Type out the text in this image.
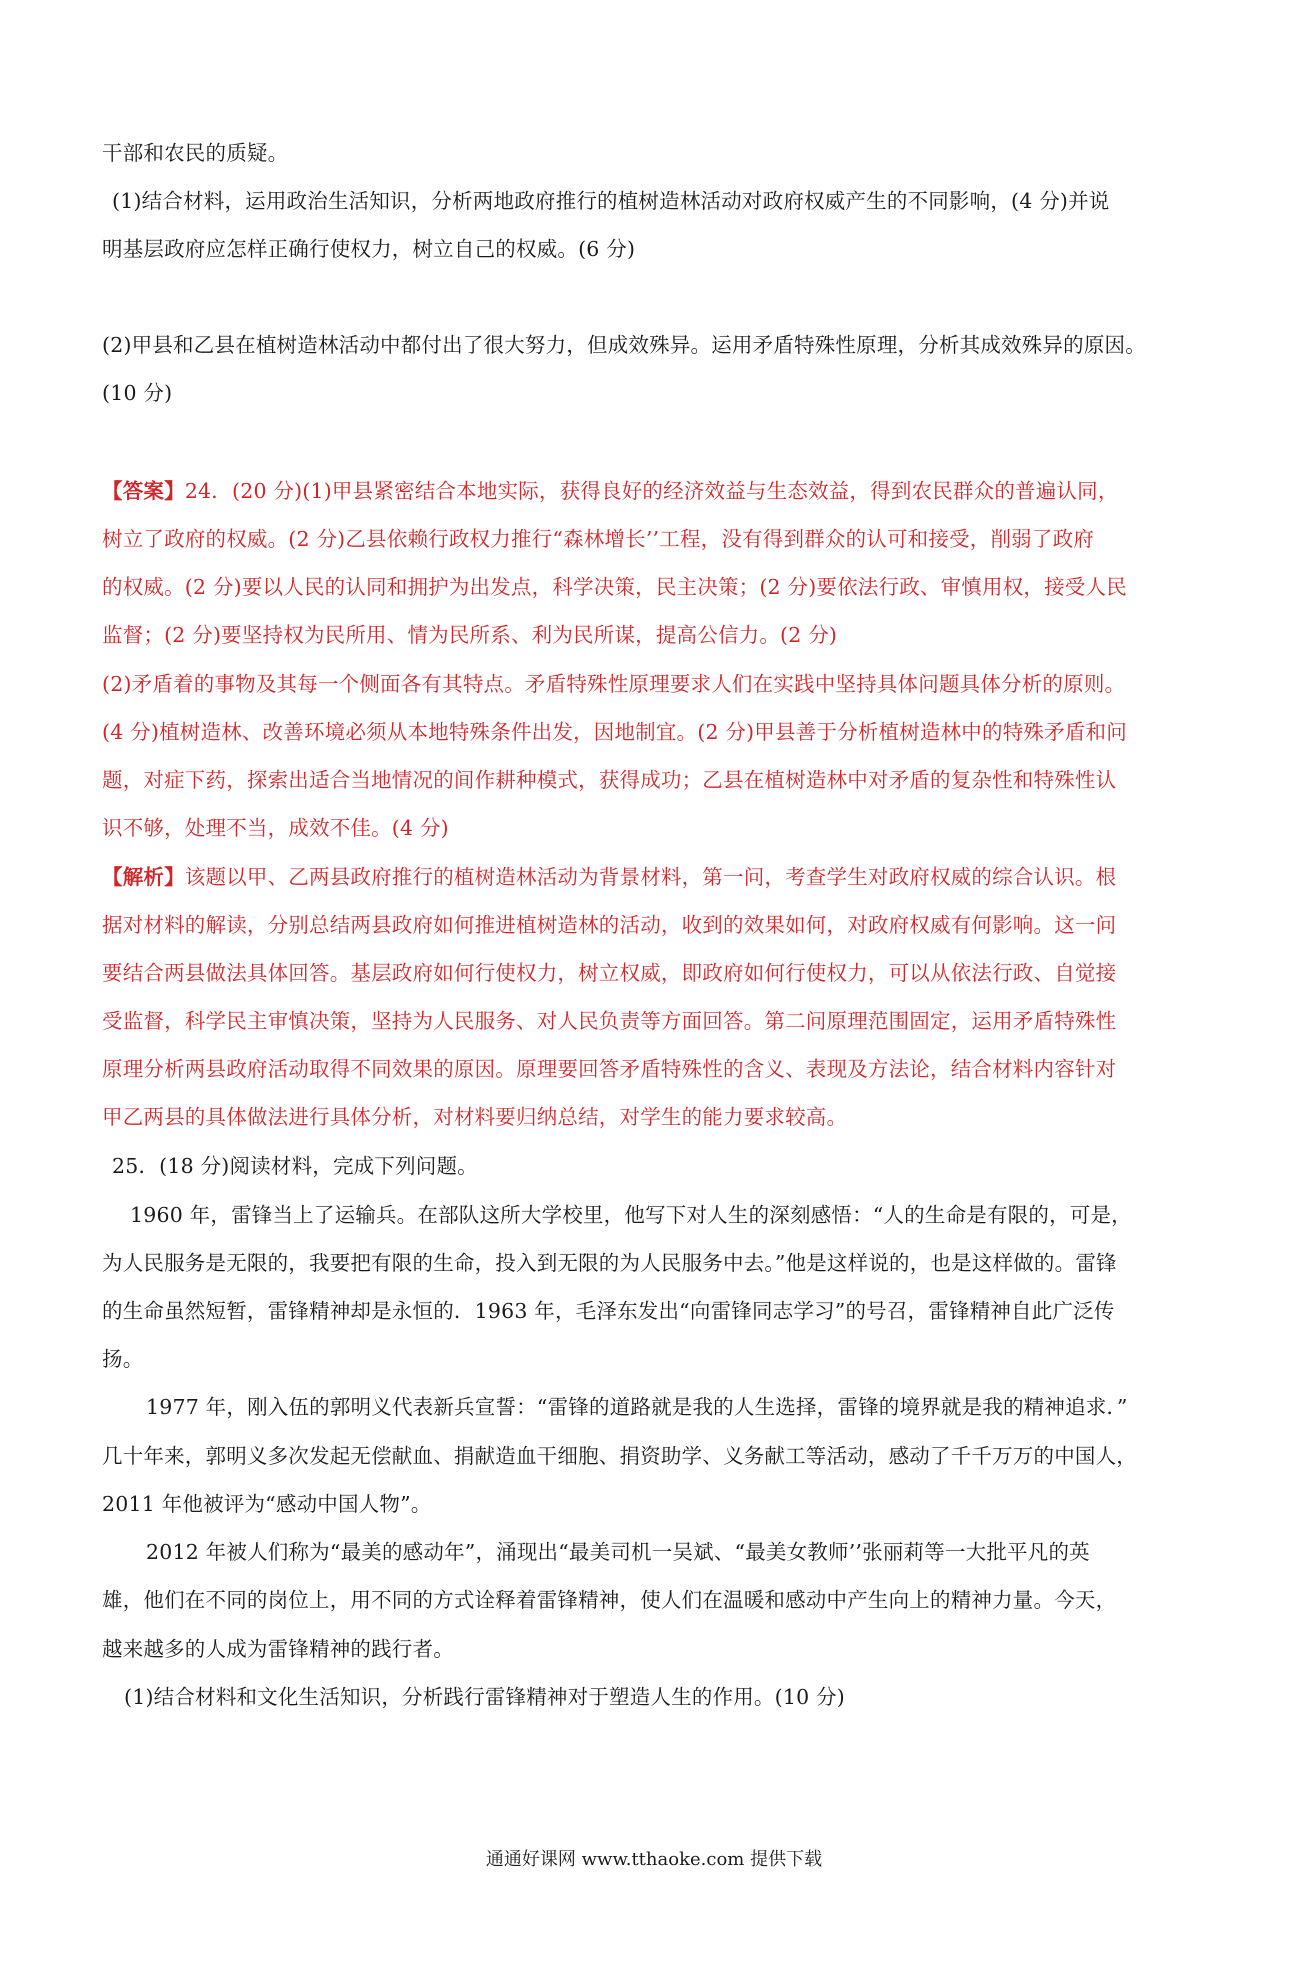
干部和农民的质疑。
(1)结合材料，运用政治生活知识，分析两地政府推行的植树造林活动对政府权威产生的不同影响，(4 分)并说
明基层政府应怎样正确行使权力，树立自己的权威。(6 分)
(2)甲县和乙县在植树造林活动中都付出了很大努力，但成效殊异。运用矛盾特殊性原理，分析其成效殊异的原因。
(10 分)
【答案】24．(20 分)(1)甲县紧密结合本地实际，获得良好的经济效益与生态效益，得到农民群众的普遍认同，
树立了政府的权威。(2 分)乙县依赖行政权力推行“森林增长’’工程，没有得到群众的认可和接受，削弱了政府
的权威。(2 分)要以人民的认同和拥护为出发点，科学决策，民主决策；(2 分)要依法行政、审慎用权，接受人民
监督；(2 分)要坚持权为民所用、情为民所系、利为民所谋，提高公信力。(2 分)
(2)矛盾着的事物及其每一个侧面各有其特点。矛盾特殊性原理要求人们在实践中坚持具体问题具体分析的原则。
(4 分)植树造林、改善环境必须从本地特殊条件出发，因地制宜。(2 分)甲县善于分析植树造林中的特殊矛盾和问
题，对症下药，探索出适合当地情况的间作耕种模式，获得成功；乙县在植树造林中对矛盾的复杂性和特殊性认
识不够，处理不当，成效不佳。(4 分)
【解析】该题以甲、乙两县政府推行的植树造林活动为背景材料，第一问，考查学生对政府权威的综合认识。根
据对材料的解读，分别总结两县政府如何推进植树造林的活动，收到的效果如何，对政府权威有何影响。这一问
要结合两县做法具体回答。基层政府如何行使权力，树立权威，即政府如何行使权力，可以从依法行政、自觉接
受监督，科学民主审慎决策，坚持为人民服务、对人民负责等方面回答。第二问原理范围固定，运用矛盾特殊性
原理分析两县政府活动取得不同效果的原因。原理要回答矛盾特殊性的含义、表现及方法论，结合材料内容针对
甲乙两县的具体做法进行具体分析，对材料要归纳总结，对学生的能力要求较高。
25．(18 分)阅读材料，完成下列问题。
1960 年，雷锋当上了运输兵。在部队这所大学校里，他写下对人生的深刻感悟：“人的生命是有限的，可是，
为人民服务是无限的，我要把有限的生命，投入到无限的为人民服务中去。”他是这样说的，也是这样做的。雷锋
的生命虽然短暂，雷锋精神却是永恒的．1963 年，毛泽东发出“向雷锋同志学习”的号召，雷锋精神自此广泛传
扬。
1977 年，刚入伍的郭明义代表新兵宣誓：“雷锋的道路就是我的人生选择，雷锋的境界就是我的精神追求．”
几十年来，郭明义多次发起无偿献血、捐献造血干细胞、捐资助学、义务献工等活动，感动了千千万万的中国人，
2011 年他被评为“感动中国人物”。
2012 年被人们称为“最美的感动年”，涌现出“最美司机一吴斌、“最美女教师’’张丽莉等一大批平凡的英
雄，他们在不同的岗位上，用不同的方式诠释着雷锋精神，使人们在温暖和感动中产生向上的精神力量。今天，
越来越多的人成为雷锋精神的践行者。
(1)结合材料和文化生活知识，分析践行雷锋精神对于塑造人生的作用。(10 分)
通通好课网 www.tthaoke.com 提供下载
